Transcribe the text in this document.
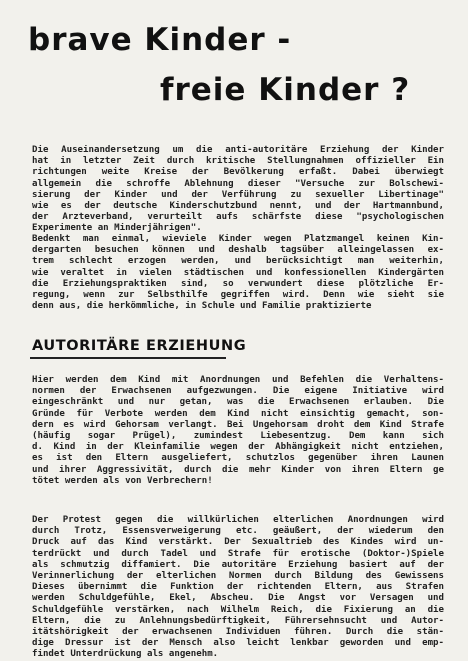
brave Kinder -
freie Kinder ?
Die Auseinandersetzung um die anti-autoritäre Erziehung der Kinder
hat in letzter Zeit durch kritische Stellungnahmen offizieller Ein
richtungen weite Kreise der Bevölkerung erfaßt. Dabei überwiegt
allgemein die schroffe Ablehnung dieser "Versuche zur Bolschewi-
sierung der Kinder und der Verführung zu sexueller Libertinage"
wie es der deutsche Kinderschutzbund nennt, und der Hartmannbund,
der Ärzteverband, verurteilt aufs schärfste diese "psychologischen
Experimente an Minderjährigen".
Bedenkt man einmal, wieviele Kinder wegen Platzmangel keinen Kin-
dergarten besuchen können und deshalb tagsüber alleingelassen ex-
trem schlecht erzogen werden, und berücksichtigt man weiterhin,
wie veraltet in vielen städtischen und konfessionellen Kindergärten
die Erziehungspraktiken sind, so verwundert diese plötzliche Er-
regung, wenn zur Selbsthilfe gegriffen wird. Denn wie sieht sie
denn aus, die herkömmliche, in Schule und Familie praktizierte
AUTORITÄRE ERZIEHUNG
Hier werden dem Kind mit Anordnungen und Befehlen die Verhaltens-
normen der Erwachsenen aufgezwungen. Die eigene Initiative wird
eingeschränkt und nur getan, was die Erwachsenen erlauben. Die
Gründe für Verbote werden dem Kind nicht einsichtig gemacht, son-
dern es wird Gehorsam verlangt. Bei Ungehorsam droht dem Kind Strafe
(häufig sogar Prügel), zumindest Liebesentzug. Dem kann sich
d. Kind in der Kleinfamilie wegen der Abhängigkeit nicht entziehen,
es ist den Eltern ausgeliefert, schutzlos gegenüber ihren Launen
und ihrer Aggressivität, durch die mehr Kinder von ihren Eltern ge
tötet werden als von Verbrechern!
Der Protest gegen die willkürlichen elterlichen Anordnungen wird
durch Trotz, Essensverweigerung etc. geäußert, der wiederum den
Druck auf das Kind verstärkt. Der Sexualtrieb des Kindes wird un-
terdrückt und durch Tadel und Strafe für erotische (Doktor-)Spiele
als schmutzig diffamiert. Die autoritäre Erziehung basiert auf der
Verinnerlichung der elterlichen Normen durch Bildung des Gewissens
Dieses übernimmt die Funktion der richtenden Eltern, aus Strafen
werden Schuldgefühle, Ekel, Abscheu. Die Angst vor Versagen und
Schuldgefühle verstärken, nach Wilhelm Reich, die Fixierung an die
Eltern, die zu Anlehnungsbedürftigkeit, Führersehnsucht und Autor-
itätshörigkeit der erwachsenen Individuen führen. Durch die stän-
dige Dressur ist der Mensch also leicht lenkbar geworden und emp-
findet Unterdrückung als angenehm.
